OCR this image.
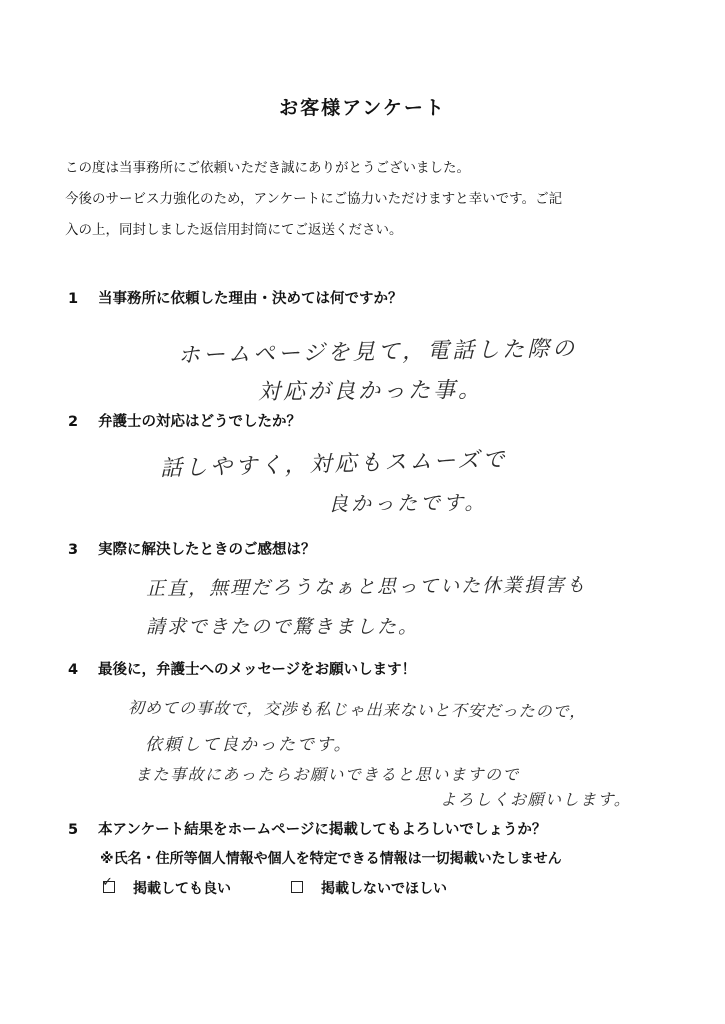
お客様アンケート

この度は当事務所にご依頼いただき誠にありがとうございました。

今後のサービス力強化のため，アンケートにご協力いただけますと幸いです。ご記

入の上，同封しました返信用封筒にてご返送ください。

1 当事務所に依頼した理由・決めては何ですか？
ホームページを見て，電話した際の
対応が良かった事。
2 弁護士の対応はどうでしたか？
話しやすく，対応もスムーズで
良かったです。
3 実際に解決したときのご感想は？
正直，無理だろうなぁと思っていた休業損害も
請求できたので驚きました。
4 最後に，弁護士へのメッセージをお願いします！
初めての事故で，交渉も私じゃ出来ないと不安だったので，
依頼して良かったです。
また事故にあったらお願いできると思いますので
よろしくお願いします。
5 本アンケート結果をホームページに掲載してもよろしいでしょうか？
※氏名・住所等個人情報や個人を特定できる情報は一切掲載いたしません
✓ 掲載しても良い	掲載しないでほしい
